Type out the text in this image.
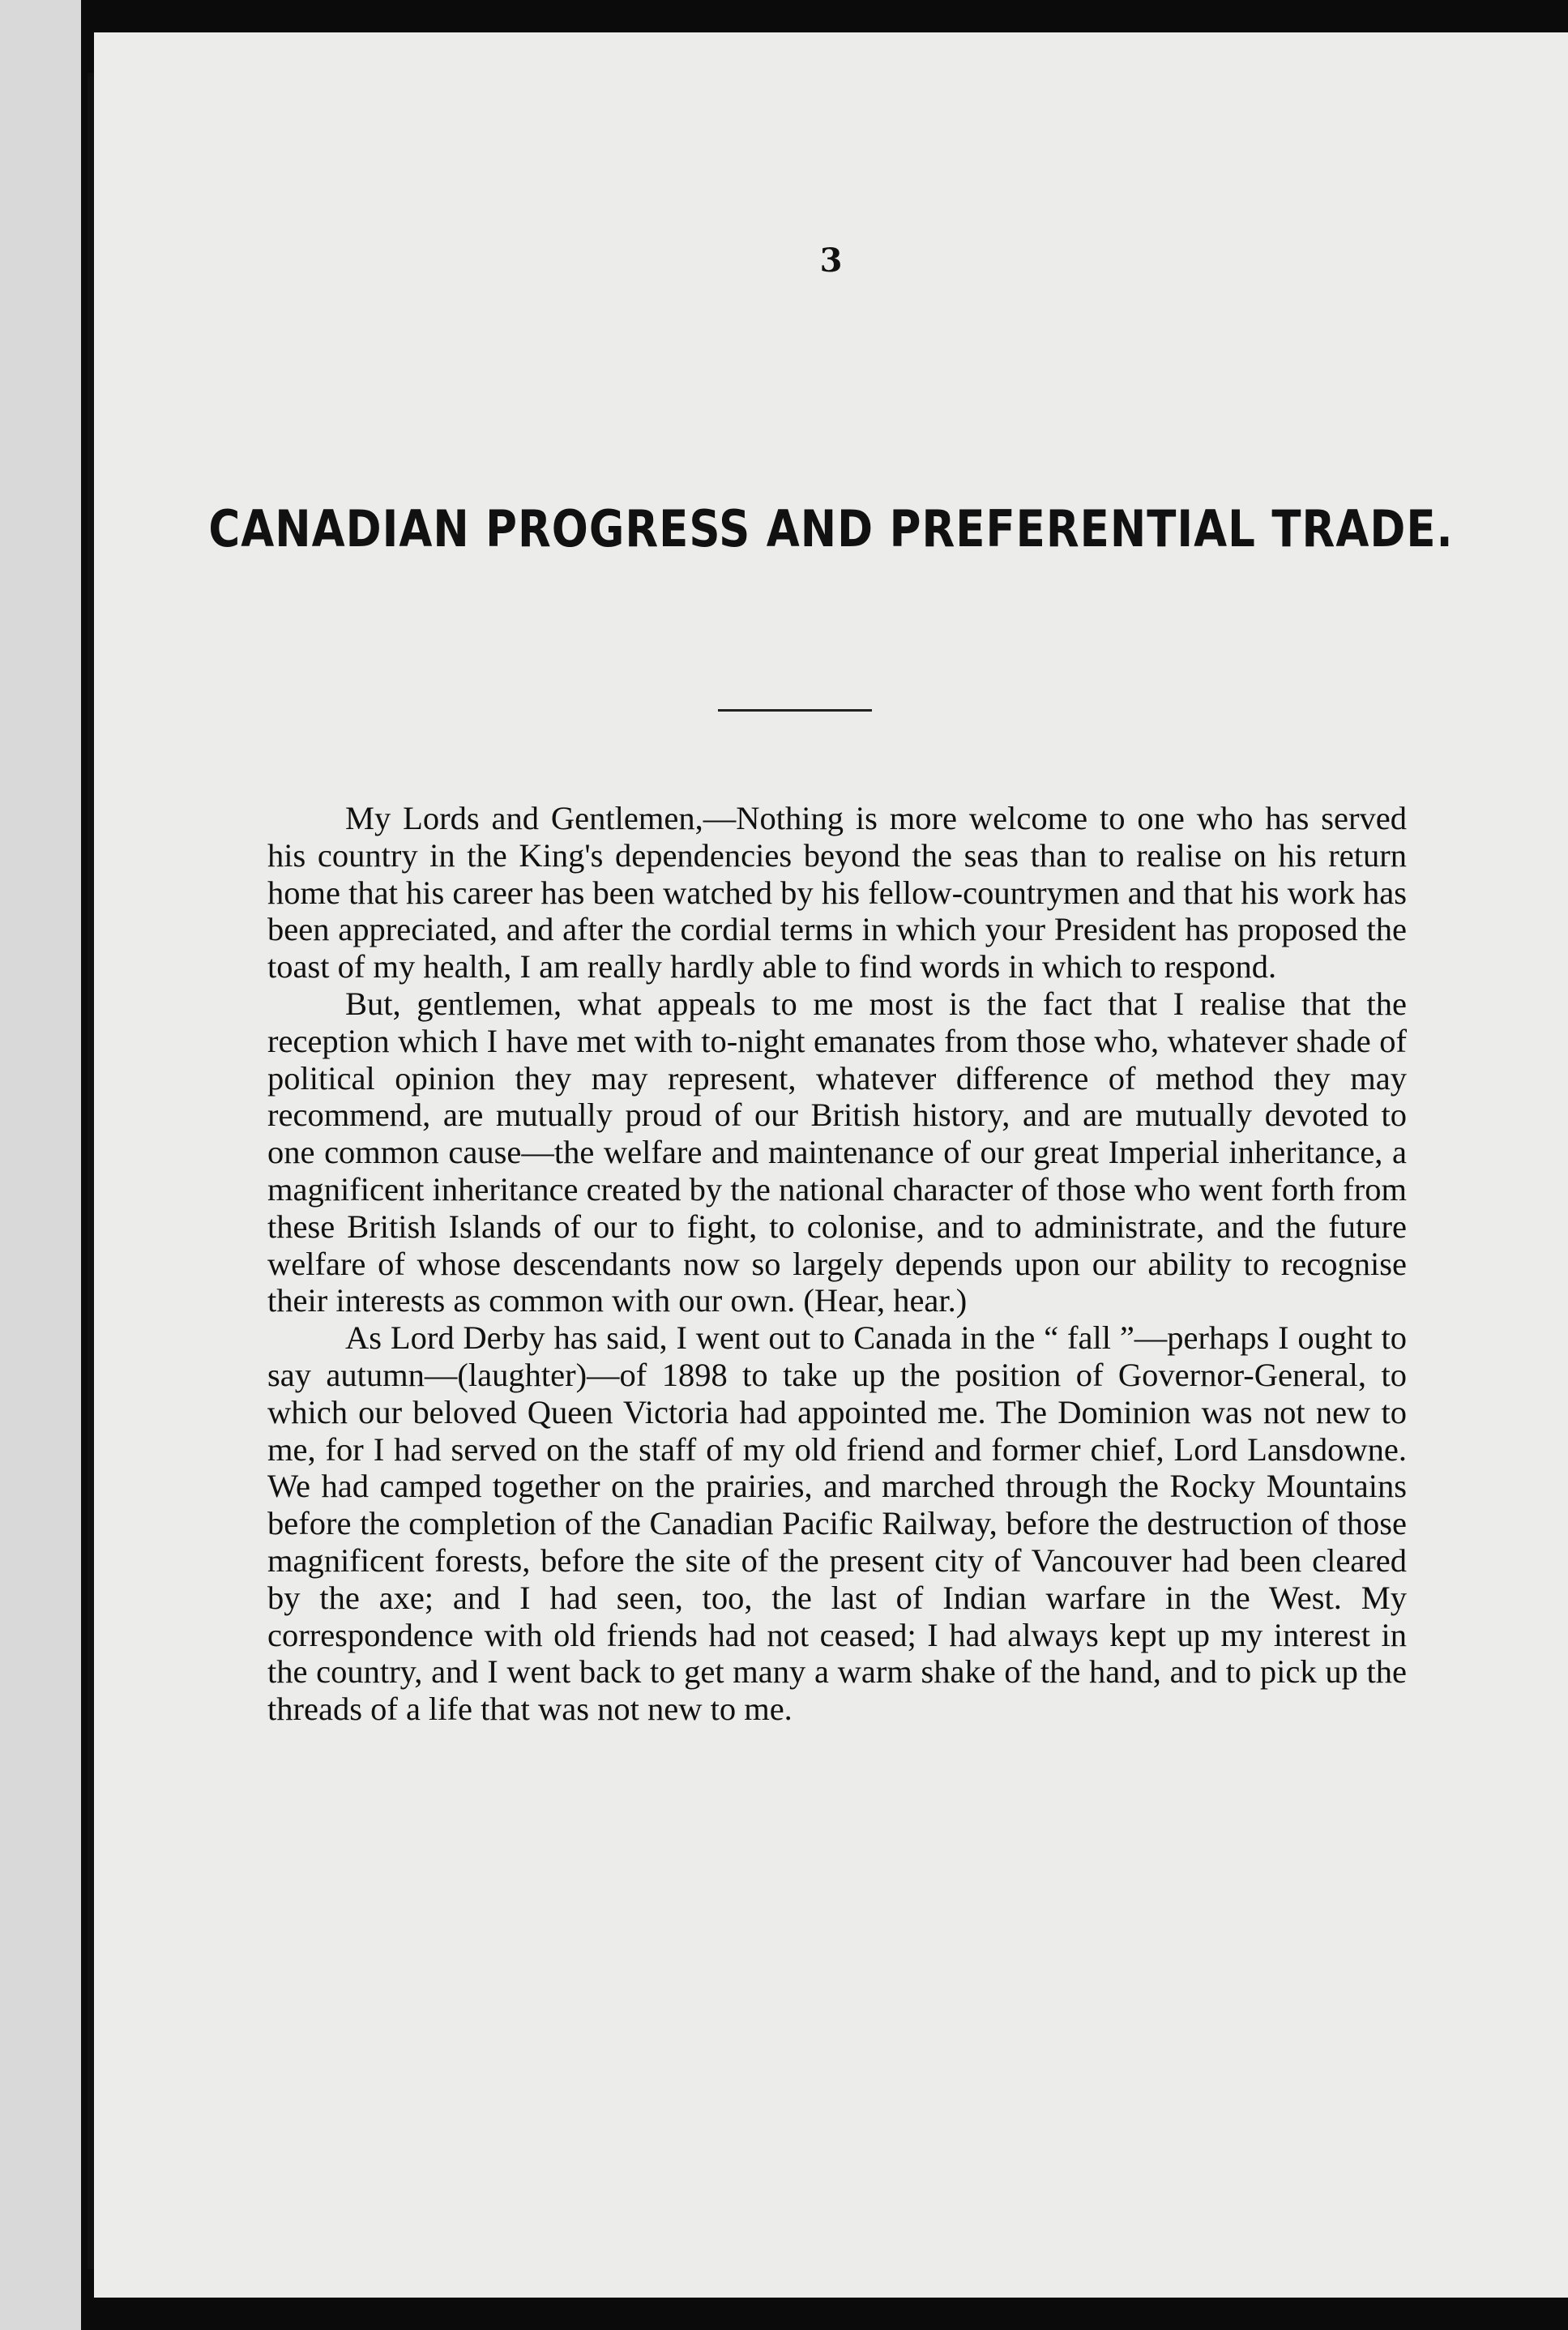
3
CANADIAN PROGRESS AND PREFERENTIAL TRADE.

My Lords and Gentlemen,—Nothing is more welcome to one who has served his country in the King's dependencies beyond the seas than to realise on his return home that his career has been watched by his fellow-countrymen and that his work has been appreciated, and after the cordial terms in which your President has proposed the toast of my health, I am really hardly able to find words in which to respond.

But, gentlemen, what appeals to me most is the fact that I realise that the reception which I have met with to-night emanates from those who, whatever shade of political opinion they may represent, whatever difference of method they may recommend, are mutually proud of our British history, and are mutually devoted to one common cause—the welfare and maintenance of our great Imperial inheritance, a magnificent inheritance created by the national character of those who went forth from these British Islands of our to fight, to colonise, and to administrate, and the future welfare of whose descendants now so largely depends upon our ability to recognise their interests as common with our own. (Hear, hear.)

As Lord Derby has said, I went out to Canada in the “ fall ”—perhaps I ought to say autumn—(laughter)—of 1898 to take up the position of Governor-General, to which our beloved Queen Victoria had appointed me. The Dominion was not new to me, for I had served on the staff of my old friend and former chief, Lord Lansdowne. We had camped together on the prairies, and marched through the Rocky Mountains before the completion of the Canadian Pacific Railway, before the destruction of those magnificent forests, before the site of the present city of Vancouver had been cleared by the axe; and I had seen, too, the last of Indian warfare in the West. My correspondence with old friends had not ceased; I had always kept up my interest in the country, and I went back to get many a warm shake of the hand, and to pick up the threads of a life that was not new to me.
